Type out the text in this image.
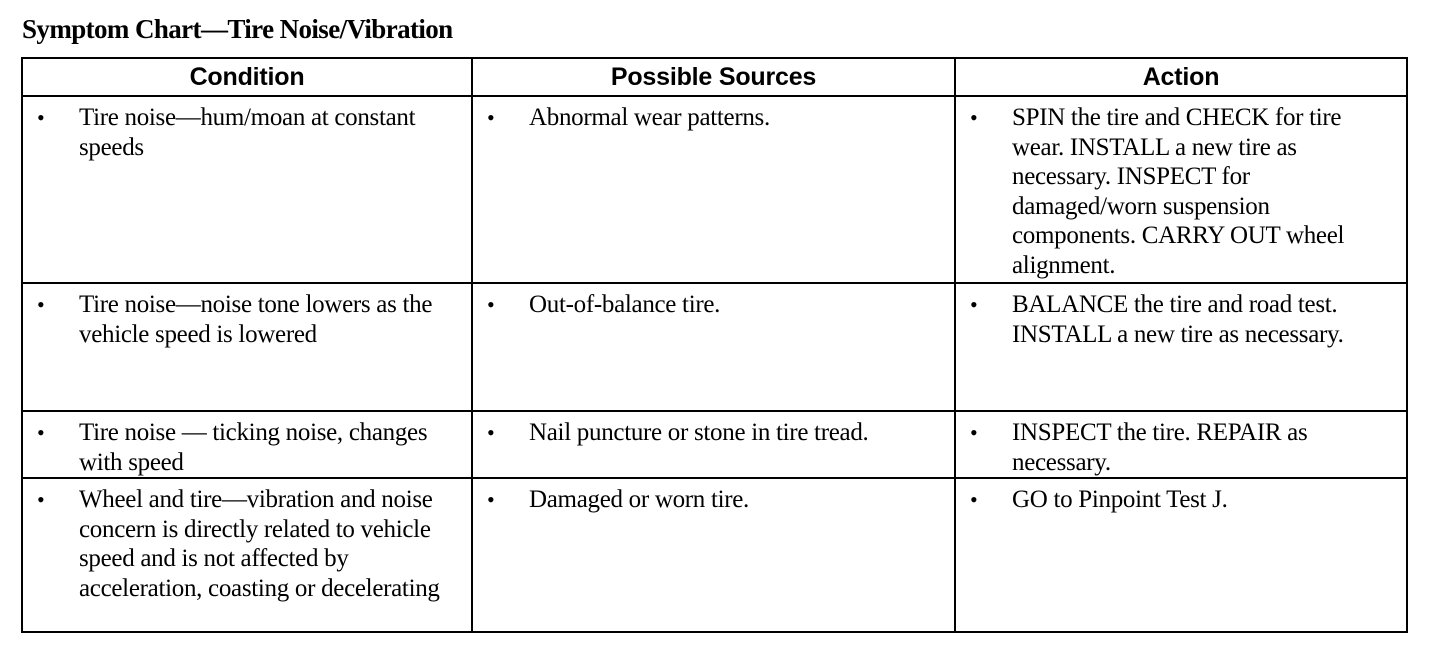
Symptom Chart—Tire Noise/Vibration
Condition	Possible Sources	Action

• Tire noise—hum/moan at constant speeds	• Abnormal wear patterns.	• SPIN the tire and CHECK for tire wear. INSTALL a new tire as necessary. INSPECT for damaged/worn suspension components. CARRY OUT wheel alignment.

• Tire noise—noise tone lowers as the vehicle speed is lowered	• Out-of-balance tire.	• BALANCE the tire and road test. INSTALL a new tire as necessary.

• Tire noise — ticking noise, changes with speed	• Nail puncture or stone in tire tread.	• INSPECT the tire. REPAIR as necessary.

• Wheel and tire—vibration and noise concern is directly related to vehicle speed and is not affected by acceleration, coasting or decelerating	• Damaged or worn tire.	• GO to Pinpoint Test J.
